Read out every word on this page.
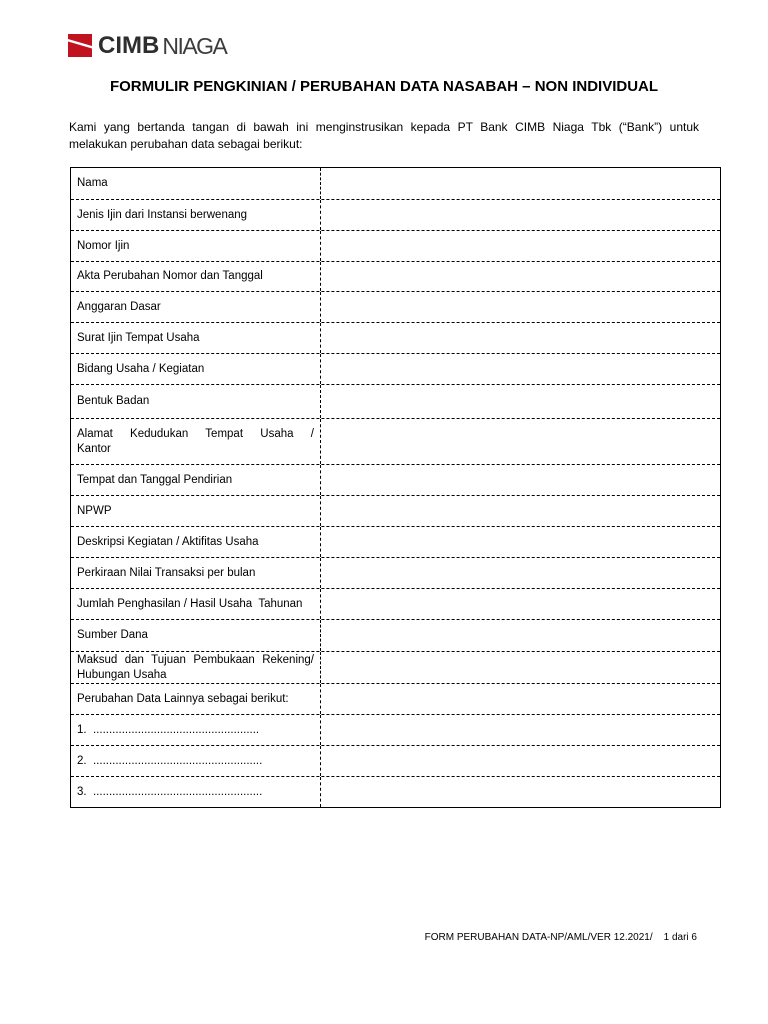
CIMB NIAGA
FORMULIR PENGKINIAN / PERUBAHAN DATA NASABAH – NON INDIVIDUAL
Kami yang bertanda tangan di bawah ini menginstrusikan kepada PT Bank CIMB Niaga Tbk (“Bank”) untuk
melakukan perubahan data sebagai berikut:
Nama
Jenis Ijin dari Instansi berwenang
Nomor Ijin
Akta Perubahan Nomor dan Tanggal
Anggaran Dasar
Surat Ijin Tempat Usaha
Bidang Usaha / Kegiatan
Bentuk Badan
Alamat Kedudukan Tempat Usaha /
Kantor
Tempat dan Tanggal Pendirian
NPWP
Deskripsi Kegiatan / Aktifitas Usaha
Perkiraan Nilai Transaksi per bulan
Jumlah Penghasilan / Hasil Usaha  Tahunan
Sumber Dana
Maksud dan Tujuan Pembukaan Rekening/
Hubungan Usaha
Perubahan Data Lainnya sebagai berikut:
1.  ....................................................
2.  .....................................................
3.  .....................................................
FORM PERUBAHAN DATA-NP/AML/VER 12.2021/ 1 dari 6
